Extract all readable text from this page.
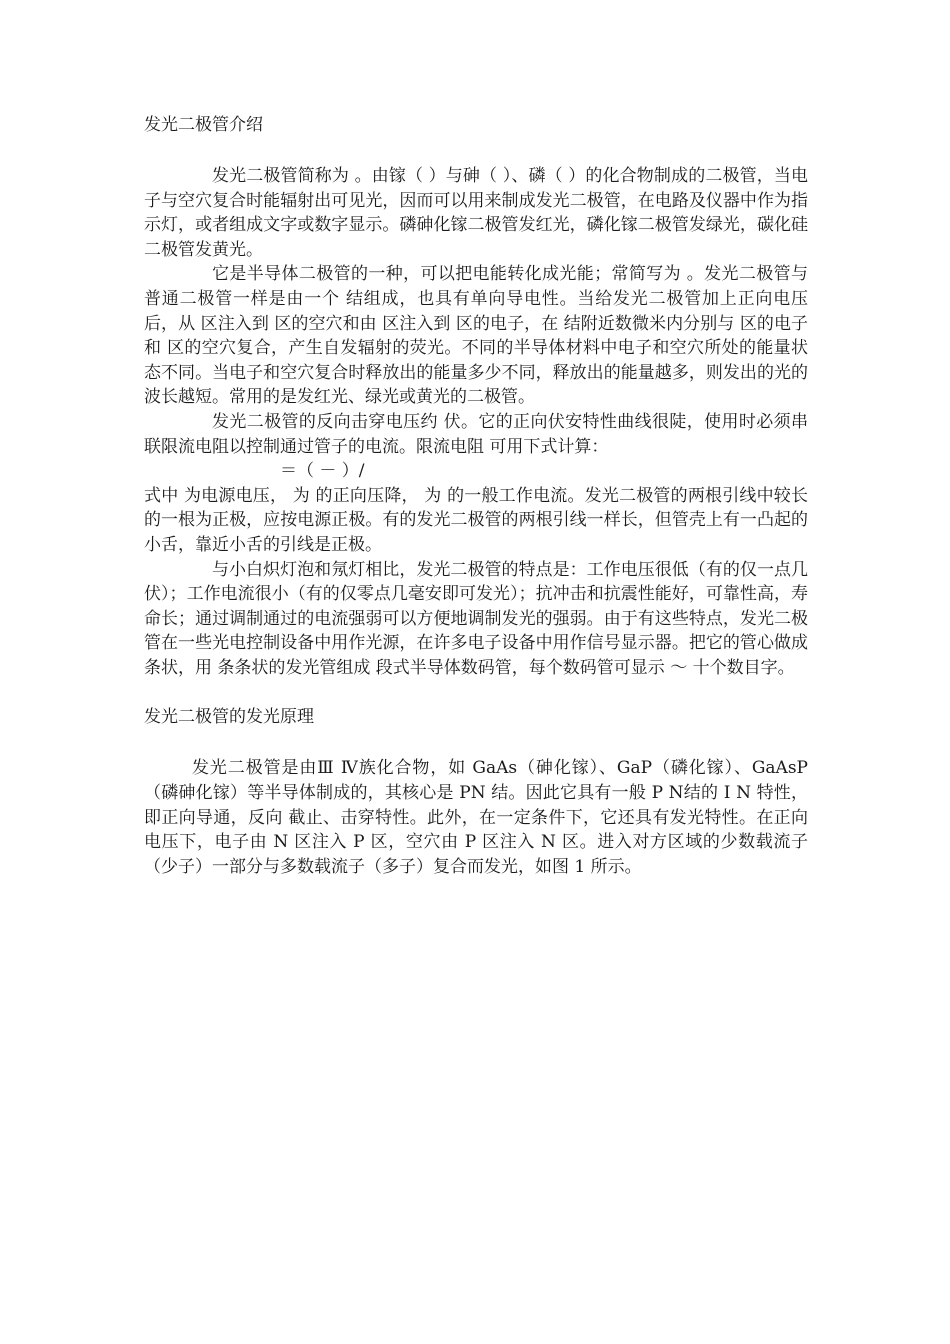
发光二极管介绍

发光二极管简称为 。由镓（ ）与砷（ ）、磷（ ）的化合物制成的二极管，当电子与空穴复合时能辐射出可见光，因而可以用来制成发光二极管，在电路及仪器中作为指示灯，或者组成文字或数字显示。磷砷化镓二极管发红光，磷化镓二极管发绿光，碳化硅二极管发黄光。

它是半导体二极管的一种，可以把电能转化成光能；常简写为 。发光二极管与普通二极管一样是由一个 结组成，也具有单向导电性。当给发光二极管加上正向电压后，从 区注入到 区的空穴和由 区注入到 区的电子，在 结附近数微米内分别与 区的电子和 区的空穴复合，产生自发辐射的荧光。不同的半导体材料中电子和空穴所处的能量状态不同。当电子和空穴复合时释放出的能量多少不同，释放出的能量越多，则发出的光的波长越短。常用的是发红光、绿光或黄光的二极管。

发光二极管的反向击穿电压约 伏。它的正向伏安特性曲线很陡，使用时必须串联限流电阻以控制通过管子的电流。限流电阻 可用下式计算：

＝（ － ）/

式中 为电源电压， 为 的正向压降， 为 的一般工作电流。发光二极管的两根引线中较长的一根为正极，应按电源正极。有的发光二极管的两根引线一样长，但管壳上有一凸起的小舌，靠近小舌的引线是正极。

与小白炽灯泡和氖灯相比，发光二极管的特点是：工作电压很低（有的仅一点几伏）；工作电流很小（有的仅零点几毫安即可发光）；抗冲击和抗震性能好，可靠性高，寿命长；通过调制通过的电流强弱可以方便地调制发光的强弱。由于有这些特点，发光二极管在一些光电控制设备中用作光源，在许多电子设备中用作信号显示器。把它的管心做成条状，用 条条状的发光管组成 段式半导体数码管，每个数码管可显示 ～ 十个数目字。

发光二极管的发光原理

发光二极管是由Ⅲ Ⅳ族化合物，如 GaAs（砷化镓）、GaP（磷化镓）、GaAsP（磷砷化镓）等半导体制成的，其核心是 PN 结。因此它具有一般 P N结的 I N 特性，即正向导通，反向 截止、击穿特性。此外，在一定条件下，它还具有发光特性。在正向电压下，电子由 N 区注入 P 区，空穴由 P 区注入 N 区。进入对方区域的少数载流子（少子）一部分与多数载流子（多子）复合而发光，如图 1 所示。
